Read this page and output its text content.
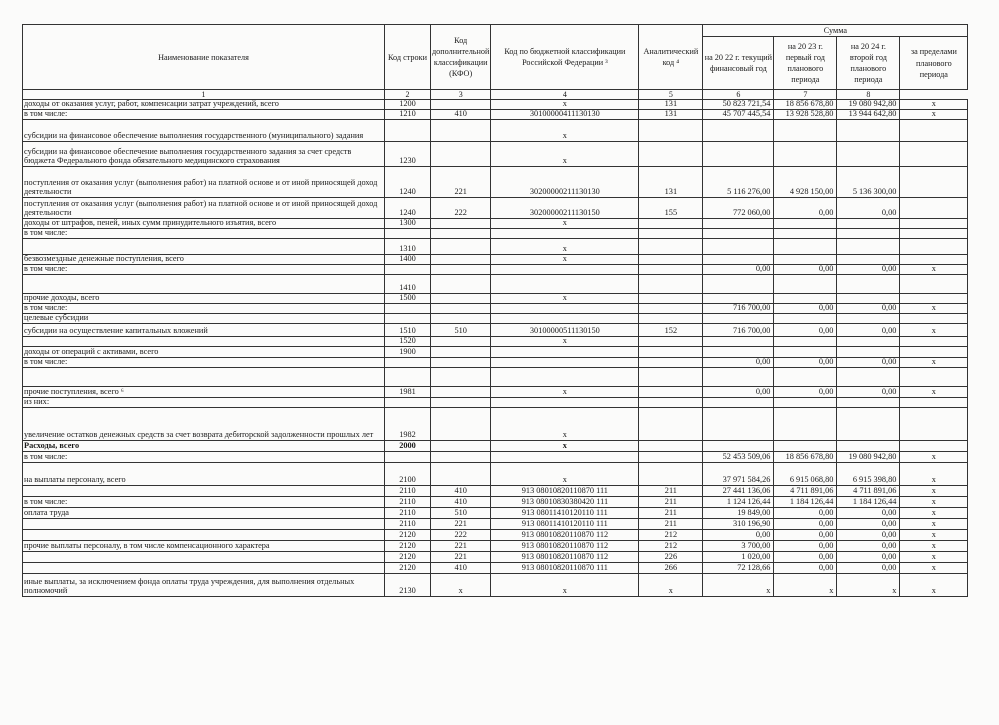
Наименование показателя	Код строки	Код дополнительной классификации (КФО)	Код по бюджетной классификации Российской Федерации ³	Аналитический код ⁴	Сумма			
					на 20 22 г. текущий финансовый год	на 20 23 г. первый год планового периода	на 20 24 г. второй год планового периода	за пределами планового периода
1	2	3	4	5	6	7	8	
доходы от оказания услуг, работ, компенсации затрат учреждений, всего	1200		x	131	50 823 721,54	18 856 678,80	19 080 942,80	x
в том числе:	1210	410	30100000411130130	131	45 707 445,54	13 928 528,80	13 944 642,80	x
субсидии на финансовое обеспечение выполнения государственного (муниципального) задания			x					
субсидии на финансовое обеспечение выполнения государственного задания за счет средств бюджета Федерального фонда обязательного медицинского страхования	1230		x					
поступления от оказания услуг (выполнения работ) на платной основе и от иной приносящей доход деятельности	1240	221	30200000211130130	131	5 116 276,00	4 928 150,00	5 136 300,00	
поступления от оказания услуг (выполнения работ) на платной основе и от иной приносящей доход деятельности	1240	222	30200000211130150	155	772 060,00	0,00	0,00	
доходы от штрафов, пеней, иных сумм принудительного изъятия, всего	1300		x					
в том числе:								
	1310		x					
безвозмездные денежные поступления, всего	1400		x					
в том числе:					0,00	0,00	0,00	x
	1410							
прочие доходы, всего	1500		x					
в том числе:					716 700,00	0,00	0,00	x
целевые субсидии								
субсидии на осуществление капитальных вложений	1510	510	30100000511130150	152	716 700,00	0,00	0,00	x
	1520		x					
доходы от операций с активами, всего	1900							
в том числе:					0,00	0,00	0,00	x

прочие поступления, всего ⁶	1981		x		0,00	0,00	0,00	x
из них:								
увеличение остатков денежных средств за счет возврата дебиторской задолженности прошлых лет	1982		x					
Расходы, всего	2000		x					
в том числе:					52 453 509,06	18 856 678,80	19 080 942,80	x
на выплаты персоналу, всего	2100		x		37 971 584,26	6 915 068,80	6 915 398,80	x
	2110	410	913 08010820110870 111	211	27 441 136,06	4 711 891,06	4 711 891,06	x
в том числе:	2110	410	913 08010830380420 111	211	1 124 126,44	1 184 126,44	1 184 126,44	x
оплата труда	2110	510	913 08011410120110 111	211	19 849,00	0,00	0,00	x
	2110	221	913 08011410120110 111	211	310 196,90	0,00	0,00	x
	2120	222	913 08010820110870 112	212	0,00	0,00	0,00	x
прочие выплаты персоналу, в том числе компенсационного характера	2120	221	913 08010820110870 112	212	3 700,00	0,00	0,00	x
	2120	221	913 08010820110870 112	226	1 020,00	0,00	0,00	x
	2120	410	913 08010820110870 111	266	72 128,66	0,00	0,00	x
иные выплаты, за исключением фонда оплаты труда учреждения, для выполнения отдельных полномочий	2130	x	x	x	x	x	x	x
